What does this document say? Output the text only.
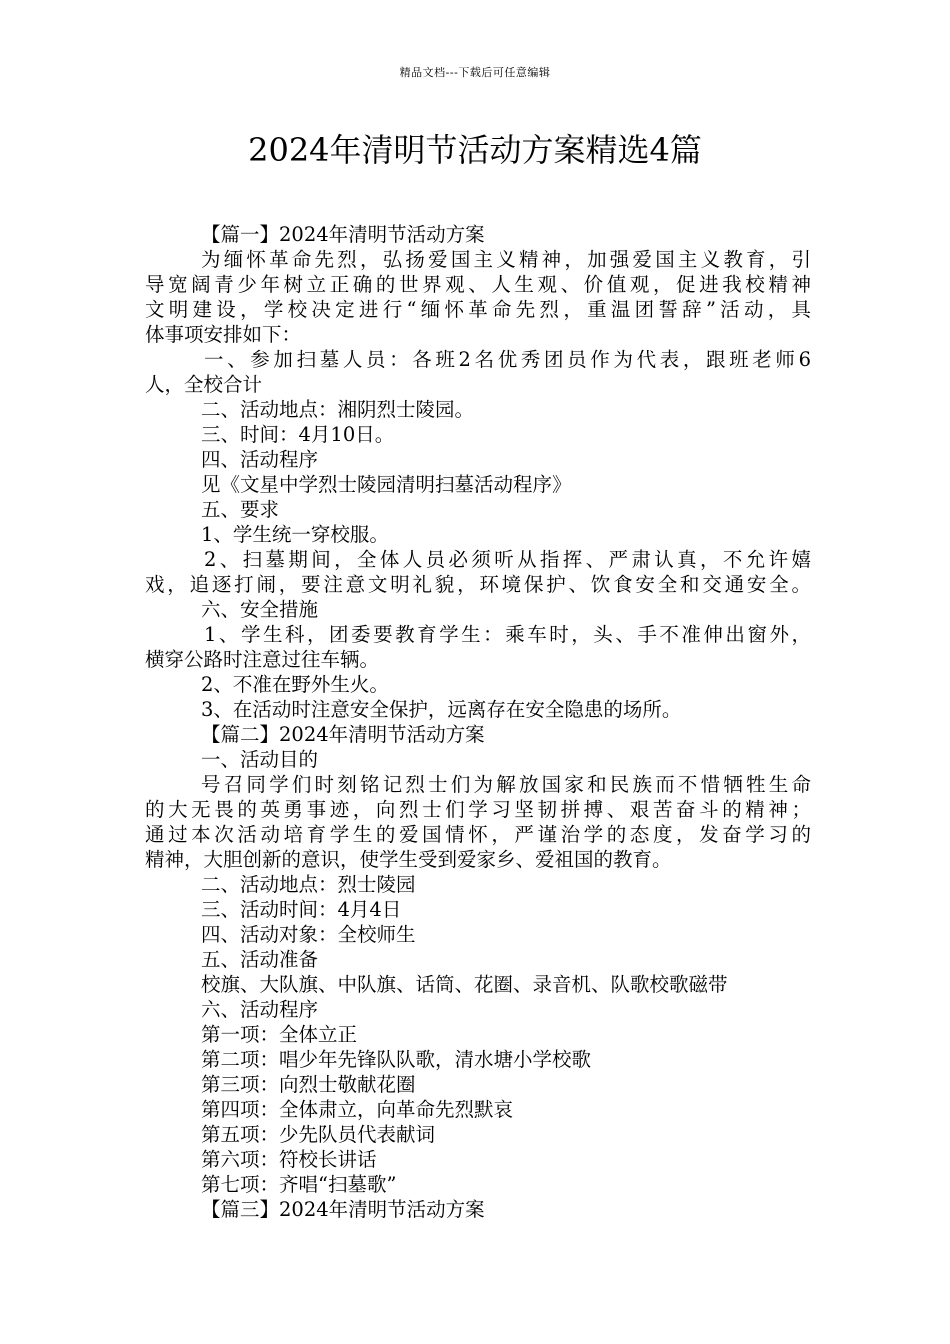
精品文档---下载后可任意编辑
2024年清明节活动方案精选4篇
【篇一】2024年清明节活动方案
为缅怀革命先烈，弘扬爱国主义精神，加强爱国主义教育，引
导宽阔青少年树立正确的世界观、人生观、价值观，促进我校精神
文明建设，学校决定进行“缅怀革命先烈，重温团誓辞”活动，具
体事项安排如下：
一、参加扫墓人员：各班2名优秀团员作为代表，跟班老师6
人，全校合计
二、活动地点：湘阴烈士陵园。
三、时间：4月10日。
四、活动程序
见《文星中学烈士陵园清明扫墓活动程序》
五、要求
1、学生统一穿校服。
2、扫墓期间，全体人员必须听从指挥、严肃认真，不允许嬉
戏，追逐打闹，要注意文明礼貌，环境保护、饮食安全和交通安全。
六、安全措施
1、学生科，团委要教育学生：乘车时，头、手不准伸出窗外，
横穿公路时注意过往车辆。
2、不准在野外生火。
3、在活动时注意安全保护，远离存在安全隐患的场所。
【篇二】2024年清明节活动方案
一、活动目的
号召同学们时刻铭记烈士们为解放国家和民族而不惜牺牲生命
的大无畏的英勇事迹，向烈士们学习坚韧拼搏、艰苦奋斗的精神；
通过本次活动培育学生的爱国情怀，严谨治学的态度，发奋学习的
精神，大胆创新的意识，使学生受到爱家乡、爱祖国的教育。
二、活动地点：烈士陵园
三、活动时间：4月4日
四、活动对象：全校师生
五、活动准备
校旗、大队旗、中队旗、话筒、花圈、录音机、队歌校歌磁带
六、活动程序
第一项：全体立正
第二项：唱少年先锋队队歌，清水塘小学校歌
第三项：向烈士敬献花圈
第四项：全体肃立，向革命先烈默哀
第五项：少先队员代表献词
第六项：符校长讲话
第七项：齐唱“扫墓歌”
【篇三】2024年清明节活动方案
